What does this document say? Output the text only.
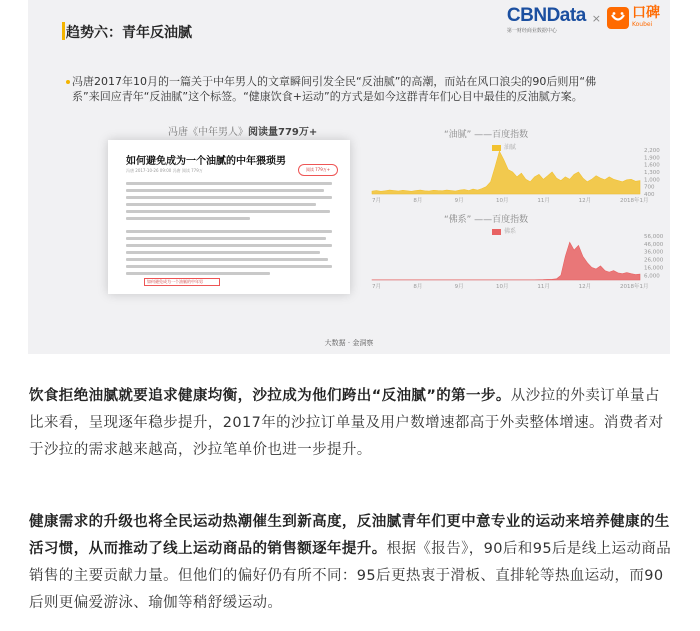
趋势六：青年反油腻
CBNData
第一财经商业数据中心
× 口碑
Koubei
冯唐2017年10月的一篇关于中年男人的文章瞬间引发全民“反油腻”的高潮，而站在风口浪尖的90后则用“佛系”来回应青年“反油腻”这个标签。“健康饮食+运动”的方式是如今这群青年们心目中最佳的反油腻方案。
冯唐《中年男人》阅读量779万+
如何避免成为一个油腻的中年猥琐男
冯唐 2017-10-26 09:00 冯唐 阅读 779万	阅读 779万+
如何避免成为一个油腻的中年男
2,200
1,900
1,600
1,300
1,000
700
400
7月	8月	9月	10月	11月	12月	2018年1月
56,000
46,000
36,000
26,000
16,000
6,000
7月	8月	9月	10月	11月	12月	2018年1月
“油腻” ——百度指数
油腻
“佛系” ——百度指数
佛系
大数据 · 金洞察
饮食拒绝油腻就要追求健康均衡，沙拉成为他们跨出“反油腻”的第一步。从沙拉的外卖订单量占比来看，呈现逐年稳步提升，2017年的沙拉订单量及用户数增速都高于外卖整体增速。消费者对于沙拉的需求越来越高，沙拉笔单价也进一步提升。
健康需求的升级也将全民运动热潮催生到新高度，反油腻青年们更中意专业的运动来培养健康的生活习惯，从而推动了线上运动商品的销售额逐年提升。根据《报告》，90后和95后是线上运动商品销售的主要贡献力量。但他们的偏好仍有所不同：95后更热衷于滑板、直排轮等热血运动，而90后则更偏爱游泳、瑜伽等稍舒缓运动。
